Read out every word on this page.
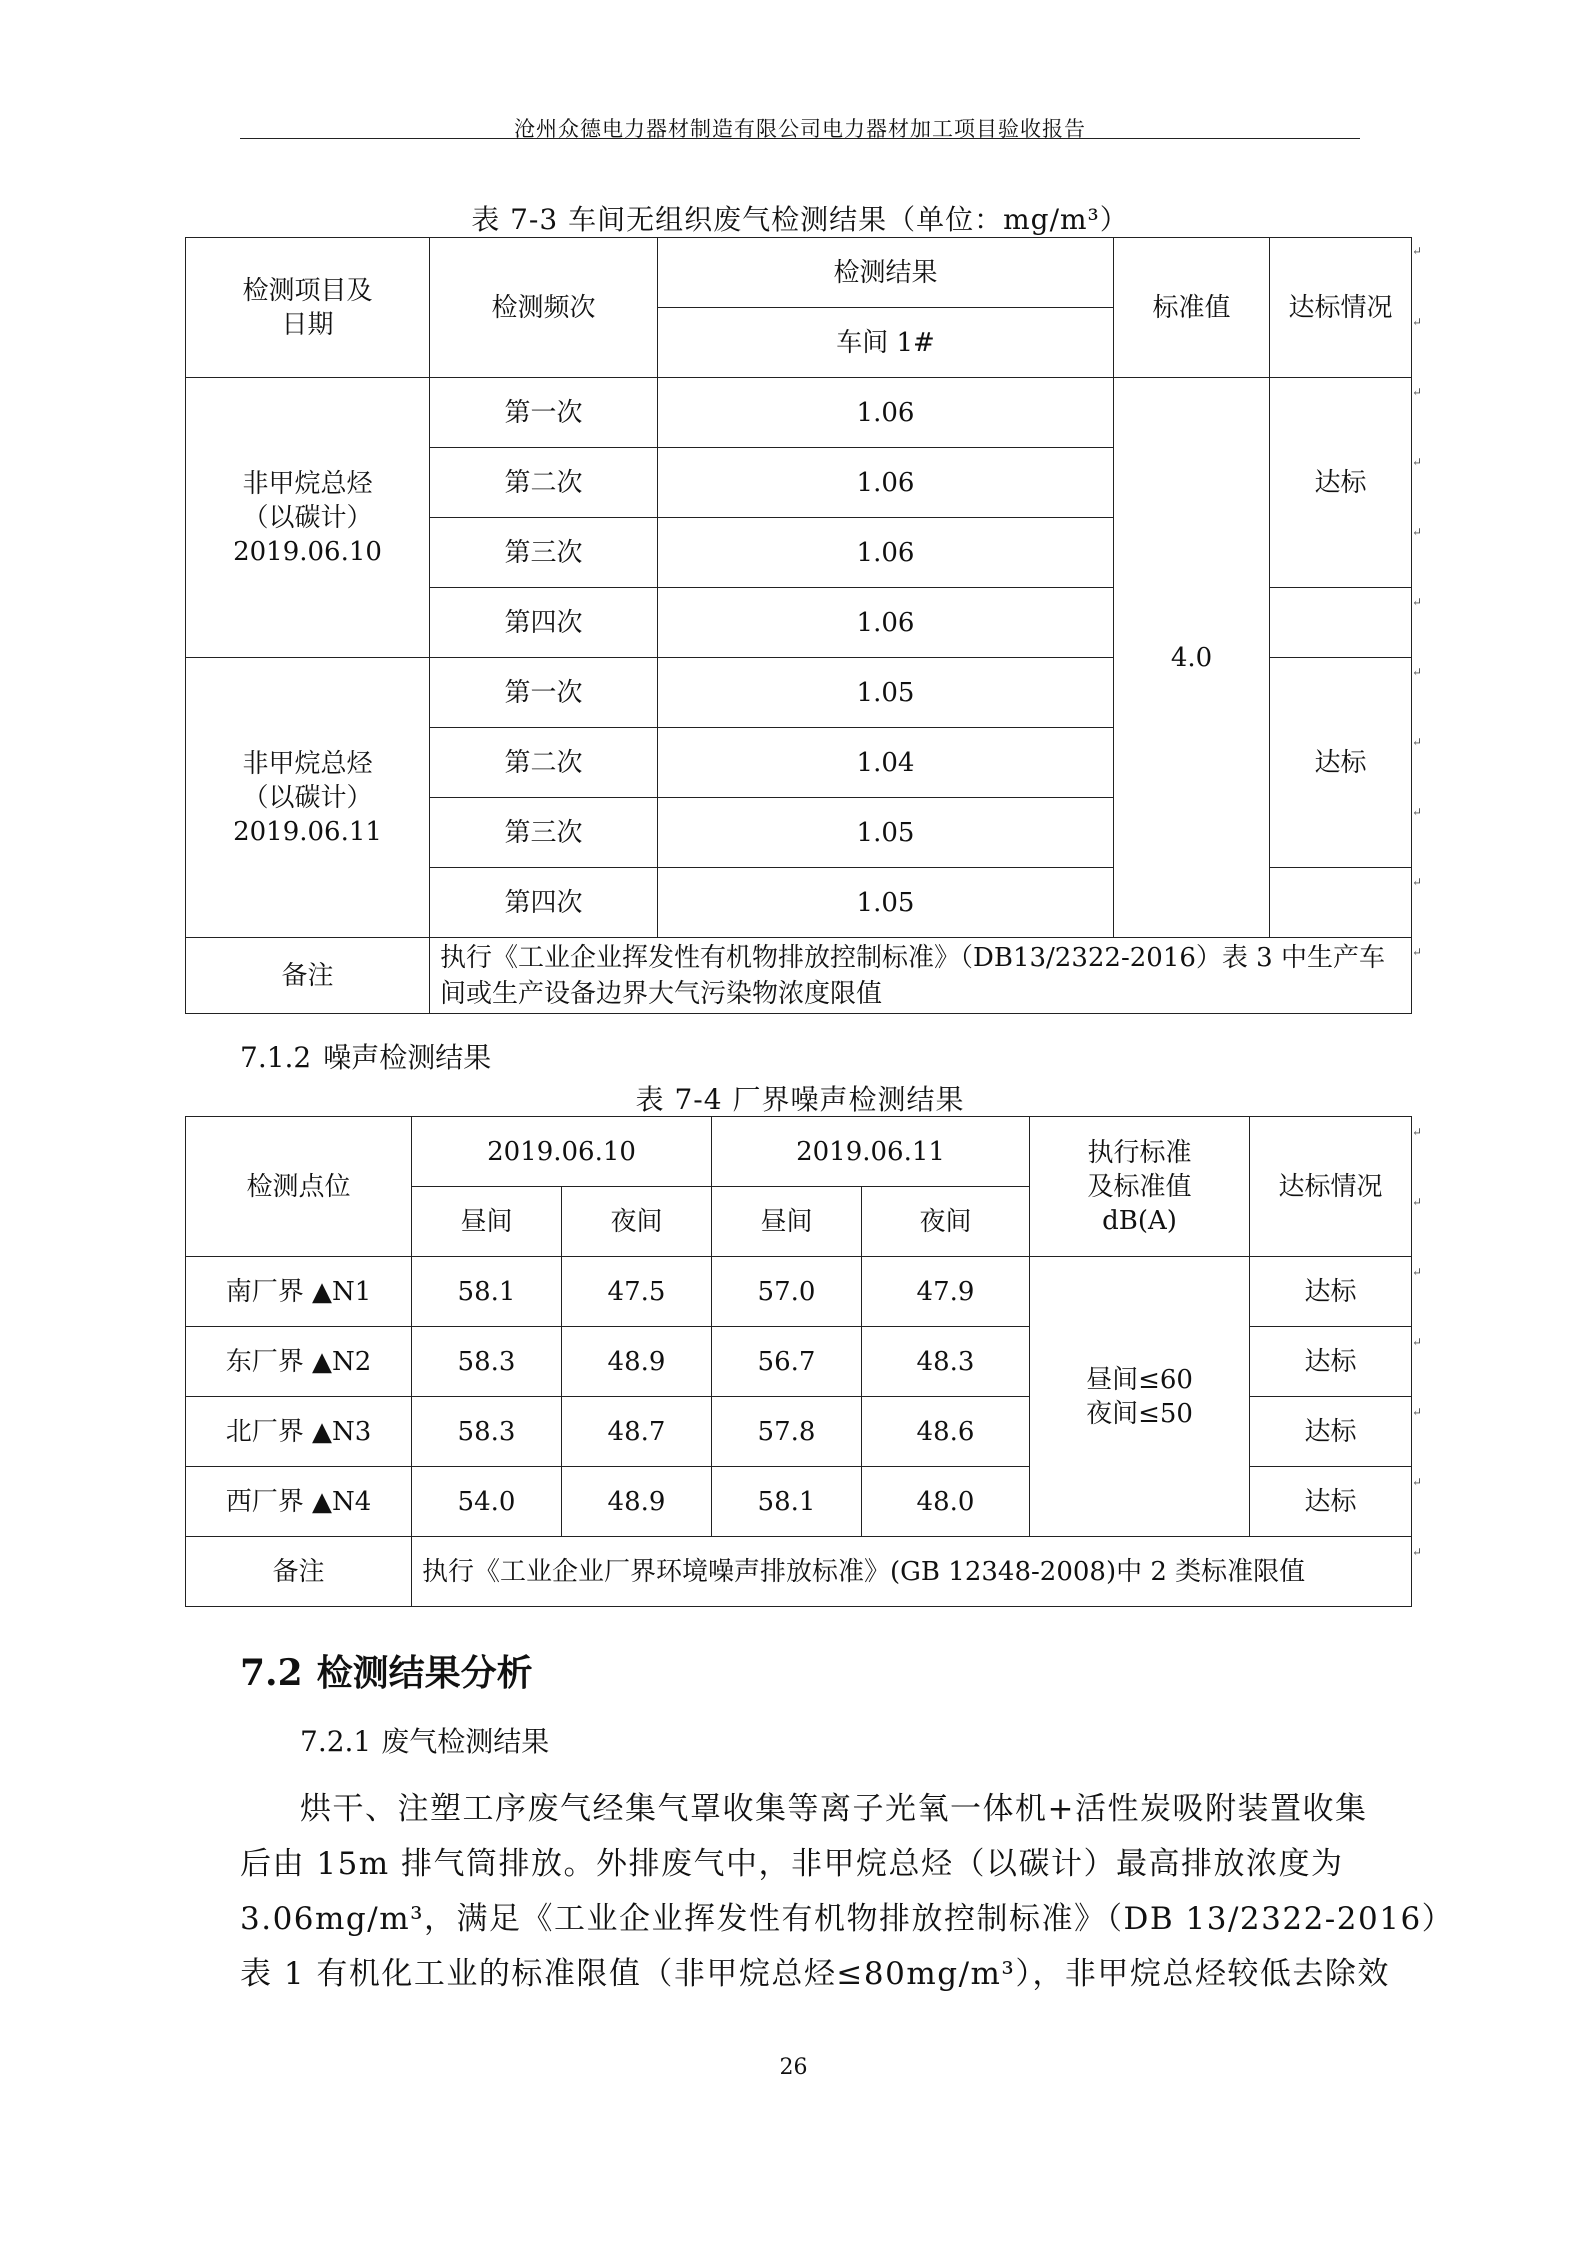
沧州众德电力器材制造有限公司电力器材加工项目验收报告
表 7-3 车间无组织废气检测结果（单位：mg/m³）
检测项目及
日期	检测频次	检测结果	标准值	达标情况
		车间 1#		

非甲烷总烃
（以碳计）
2019.06.10	第一次	1.06	4.0	达标
	第二次	1.06		
	第三次	1.06		
	第四次	1.06		

非甲烷总烃
（以碳计）
2019.06.11	第一次	1.05		达标
	第二次	1.04		
	第三次	1.05		
	第四次	1.05		
备注	执行《工业企业挥发性有机物排放控制标准》（DB13/2322-2016）表 3 中生产车间或生产设备边界大气污染物浓度限值			
7.1.2 噪声检测结果
表 7-4 厂界噪声检测结果
检测点位	2019.06.10		2019.06.11		执行标准
及标准值
dB(A)	达标情况
	昼间	夜间	昼间	夜间		
南厂界 ▲N1	58.1	47.5	57.0	47.9	昼间≤60
夜间≤50	达标
东厂界 ▲N2	58.3	48.9	56.7	48.3		达标
北厂界 ▲N3	58.3	48.7	57.8	48.6		达标
西厂界 ▲N4	54.0	48.9	58.1	48.0		达标
备注	执行《工业企业厂界环境噪声排放标准》(GB 12348-2008)中 2 类标准限值					
7.2 检测结果分析
7.2.1 废气检测结果
烘干、注塑工序废气经集气罩收集等离子光氧一体机+活性炭吸附装置收集
后由 15m 排气筒排放。外排废气中，非甲烷总烃（以碳计）最高排放浓度为
3.06mg/m³，满足《工业企业挥发性有机物排放控制标准》（DB 13/2322-2016）
表 1 有机化工业的标准限值（非甲烷总烃≤80mg/m³），非甲烷总烃较低去除效
26
↵
↵
↵
↵
↵
↵
↵
↵
↵
↵
↵
↵
↵
↵
↵
↵
↵
↵
